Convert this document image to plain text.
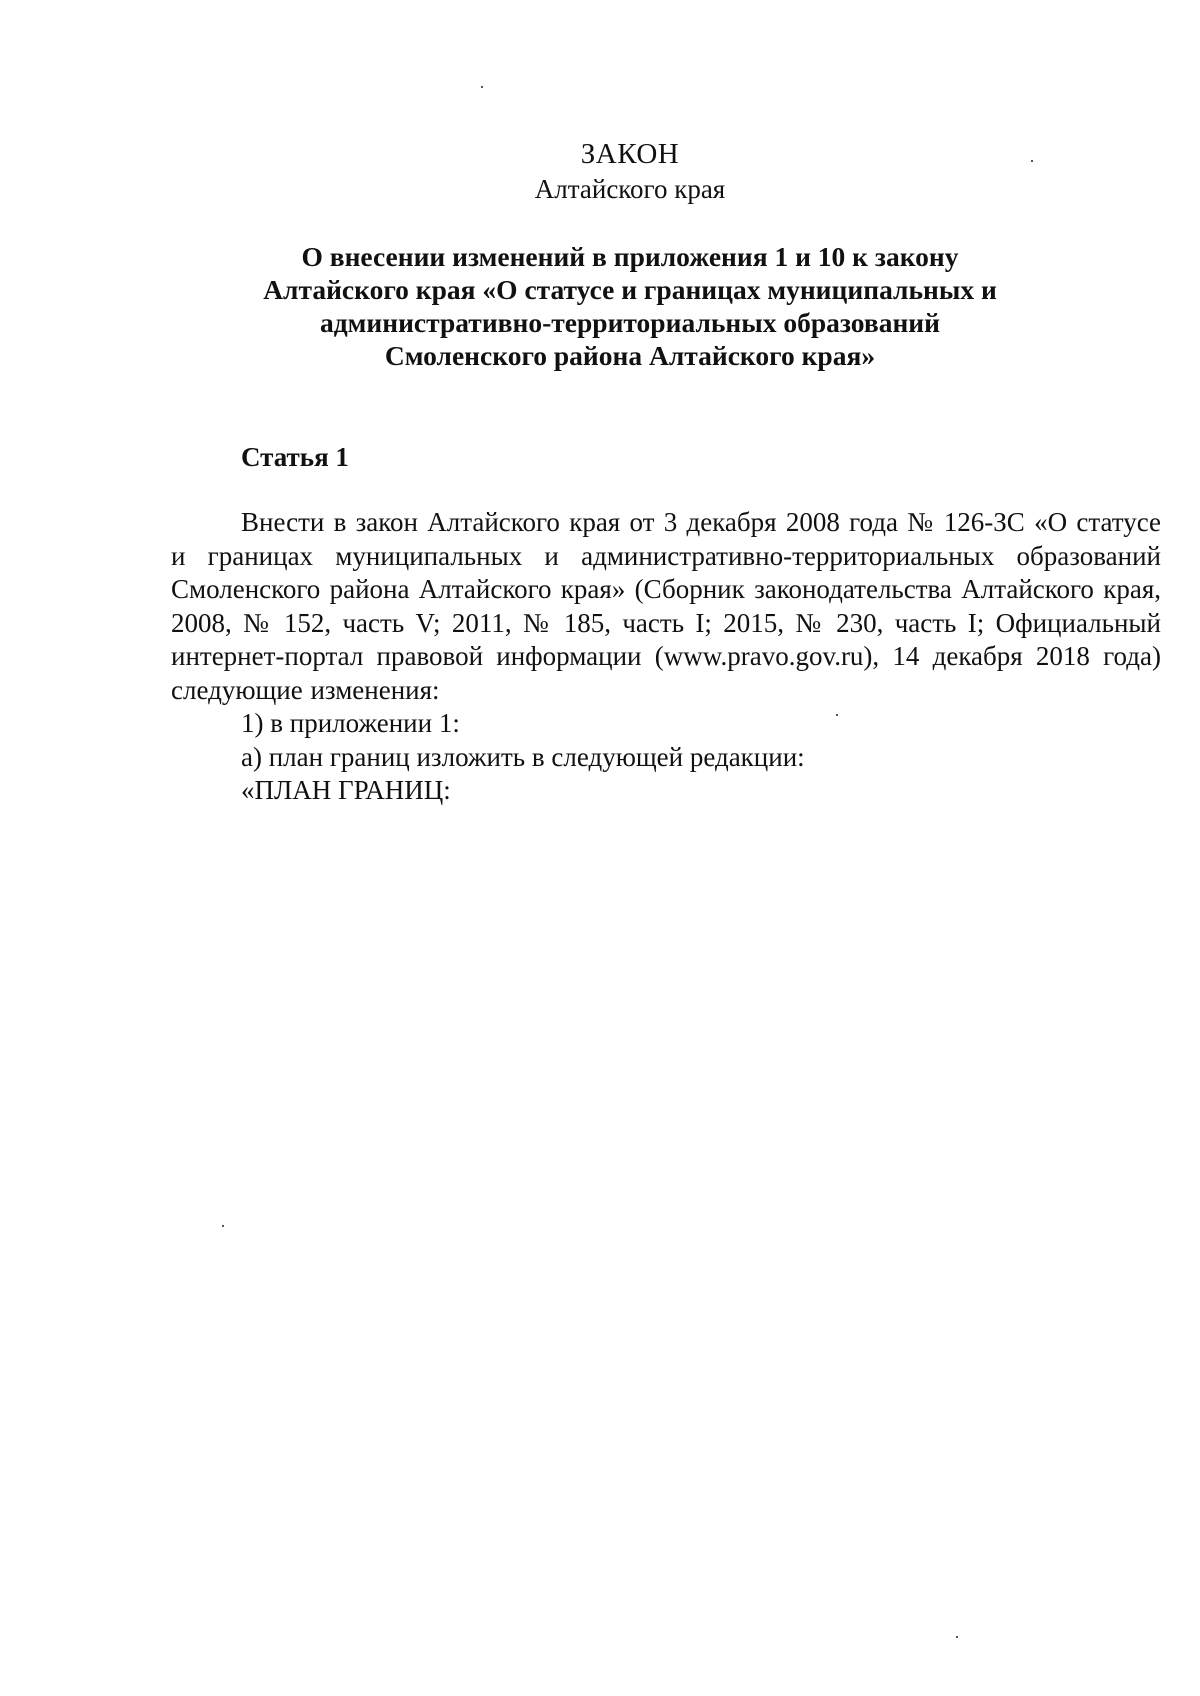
ЗАКОН
Алтайского края
О внесении изменений в приложения 1 и 10 к закону
Алтайского края «О статусе и границах муниципальных и
административно-территориальных образований
Смоленского района Алтайского края»
Статья 1

Внести в закон Алтайского края от 3 декабря 2008 года № 126-ЗС «О статусе и границах муниципальных и административно-территориальных образований Смоленского района Алтайского края» (Сборник законодательства Алтайского края, 2008, № 152, часть V; 2011, № 185, часть I; 2015, № 230, часть I; Официальный интернет-портал правовой информации (www.pravo.gov.ru), 14 декабря 2018 года) следующие изменения:

1) в приложении 1:

а) план границ изложить в следующей редакции:

«ПЛАН ГРАНИЦ:
